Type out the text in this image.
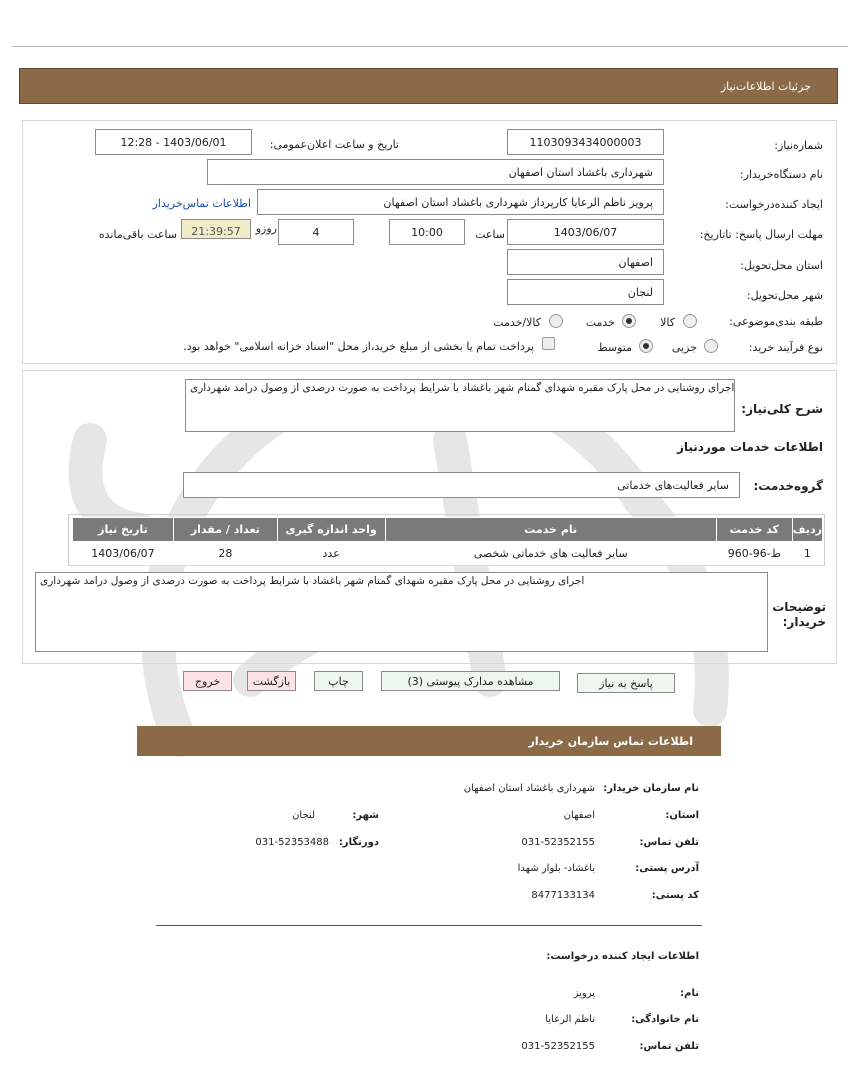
جزئیات اطلاعات‌نیاز
شماره‌نیاز:
1103093434000003
تاریخ و ساعت اعلان‌عمومی:
1403/06/01 - 12:28
نام دستگاه‌خریدار:
شهرداری باغشاد استان اصفهان
ایجاد کننده‌درخواست:
پرویز ناظم الرعایا کارپرداز شهرداری باغشاد استان اصفهان
اطلاعات تماس‌خریدار
مهلت ارسال پاسخ: تاتاریخ:
1403/06/07
ساعت
10:00
4
روزو
21:39:57
ساعت باقی‌مانده
استان محل‌تحویل:
اصفهان
شهر محل‌تحویل:
لنجان
طبقه بندی‌موضوعی:
کالا
خدمت
کالا/خدمت
نوع فرآیند خرید:
جزیی
متوسط
پرداخت تمام یا بخشی از مبلغ خرید،از محل "اسناد خزانه اسلامی" خواهد بود.
شرح کلی‌نیاز:
اجرای روشنایی در محل پارک مقبره شهدای گمنام شهر باغشاد با شرایط پرداخت به صورت درصدی از وصول درامد شهرداری
اطلاعات خدمات موردنیاز
گروه‌خدمت:
سایر فعالیت‌های خدماتی
ردیف	کد خدمت	نام خدمت	واحد اندازه گیری	تعداد / مقدار	تاریخ نیاز
1	ط-96-960	سایر فعالیت های خدماتی شخصی	عدد	28	1403/06/07
توضیحات خریدار:
اجرای روشنایی در محل پارک مقبره شهدای گمنام شهر باغشاد با شرایط پرداخت به صورت درصدی از وصول درامد شهرداری
پاسخ به نیاز
مشاهده مدارک پیوستی (3)
چاپ
بازگشت
خروج
اطلاعات تماس سازمان خریدار
نام سازمان خریدار:
شهرداری باغشاد استان اصفهان
استان:
اصفهان
شهر:
لنجان
تلفن تماس:
031-52352155
دورنگار:
031-52353488
آدرس پستی:
باغشاد- بلوار شهدا
کد پستی:
8477133134
اطلاعات ایجاد کننده درخواست:
نام:
پرویز
نام خانوادگی:
ناظم الرعایا
تلفن تماس:
031-52352155
